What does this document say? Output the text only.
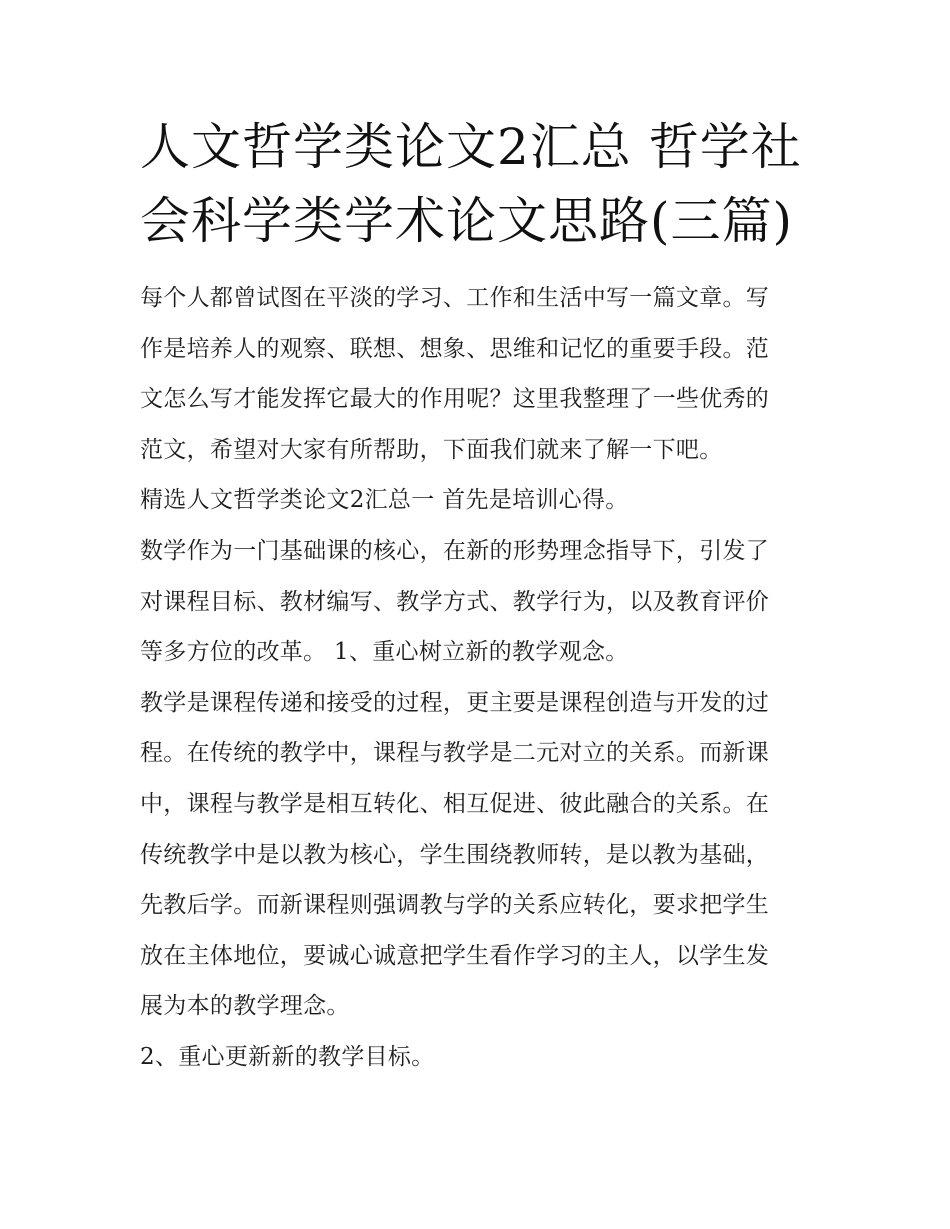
人文哲学类论文2汇总 哲学社
会科学类学术论文思路(三篇)
每个人都曾试图在平淡的学习、工作和生活中写一篇文章。写
作是培养人的观察、联想、想象、思维和记忆的重要手段。范
文怎么写才能发挥它最大的作用呢？这里我整理了一些优秀的
范文，希望对大家有所帮助，下面我们就来了解一下吧。
精选人文哲学类论文2汇总一 首先是培训心得。
数学作为一门基础课的核心，在新的形势理念指导下，引发了
对课程目标、教材编写、教学方式、教学行为，以及教育评价
等多方位的改革。 1、重心树立新的教学观念。
教学是课程传递和接受的过程，更主要是课程创造与开发的过
程。在传统的教学中，课程与教学是二元对立的关系。而新课
中，课程与教学是相互转化、相互促进、彼此融合的关系。在
传统教学中是以教为核心，学生围绕教师转，是以教为基础，
先教后学。而新课程则强调教与学的关系应转化，要求把学生
放在主体地位，要诚心诚意把学生看作学习的主人，以学生发
展为本的教学理念。
2、重心更新新的教学目标。
